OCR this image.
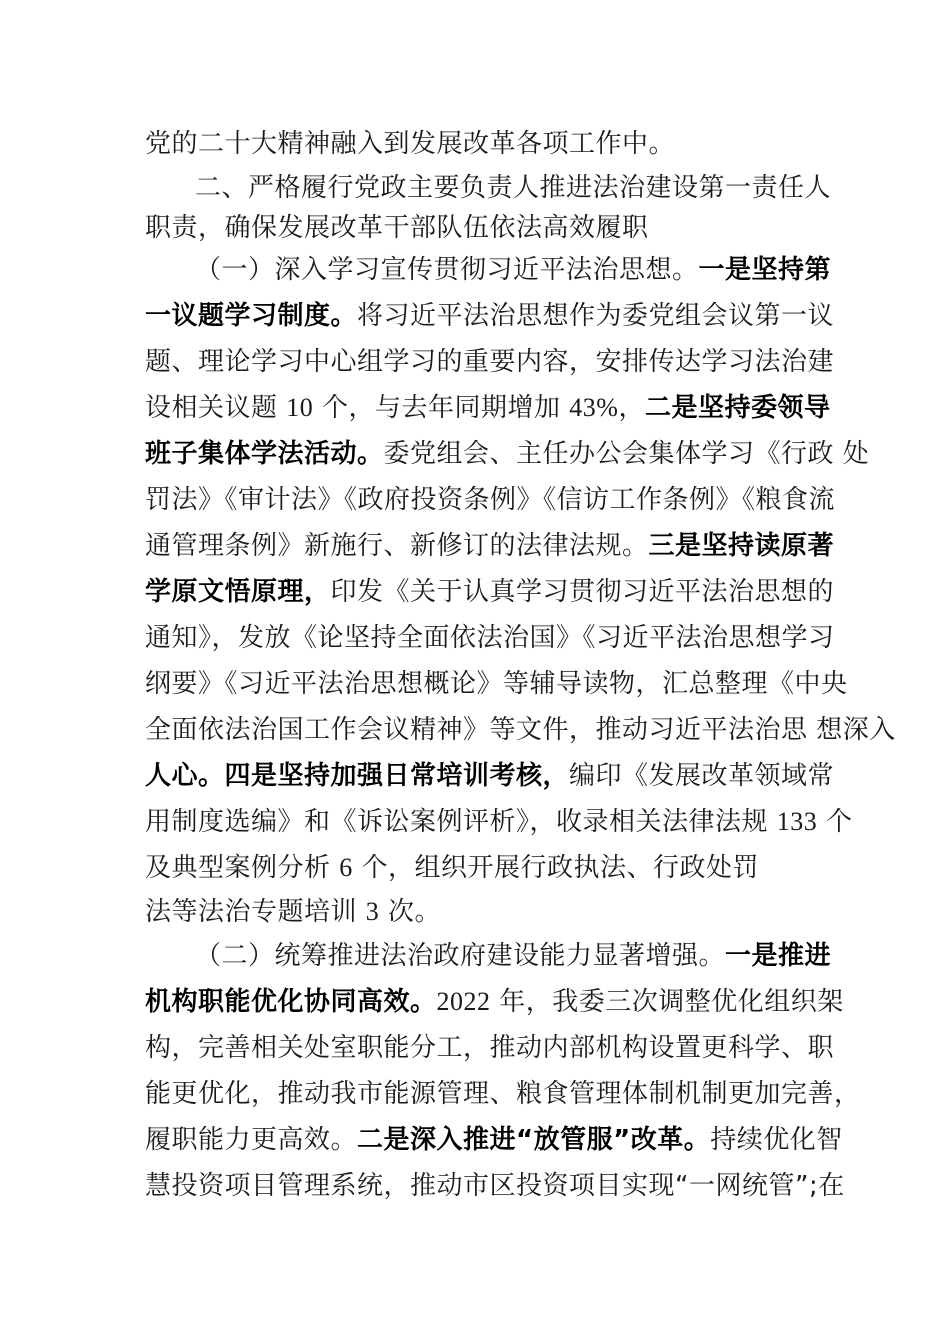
党的二十大精神融入到发展改革各项工作中。
二、严格履行党政主要负责人推进法治建设第一责任人
职责，确保发展改革干部队伍依法高效履职
（一）深入学习宣传贯彻习近平法治思想。一是坚持第
一议题学习制度。将习近平法治思想作为委党组会议第一议
题、理论学习中心组学习的重要内容，安排传达学习法治建
设相关议题 10 个，与去年同期增加 43%，二是坚持委领导
班子集体学法活动。委党组会、主任办公会集体学习《行政 处
罚法》《审计法》《政府投资条例》《信访工作条例》《粮食流
通管理条例》新施行、新修订的法律法规。三是坚持读原著
学原文悟原理，印发《关于认真学习贯彻习近平法治思想的
通知》，发放《论坚持全面依法治国》《习近平法治思想学习
纲要》《习近平法治思想概论》等辅导读物，汇总整理《中央
全面依法治国工作会议精神》等文件，推动习近平法治思 想深入
人心。四是坚持加强日常培训考核，编印《发展改革领域常
用制度选编》和《诉讼案例评析》，收录相关法律法规 133 个
及典型案例分析 6 个，组织开展行政执法、行政处罚
法等法治专题培训 3 次。
（二）统筹推进法治政府建设能力显著增强。一是推进
机构职能优化协同高效。2022 年，我委三次调整优化组织架
构，完善相关处室职能分工，推动内部机构设置更科学、职
能更优化，推动我市能源管理、粮食管理体制机制更加完善，
履职能力更高效。二是深入推进“放管服”改革。持续优化智
慧投资项目管理系统，推动市区投资项目实现“一网统管”;在
